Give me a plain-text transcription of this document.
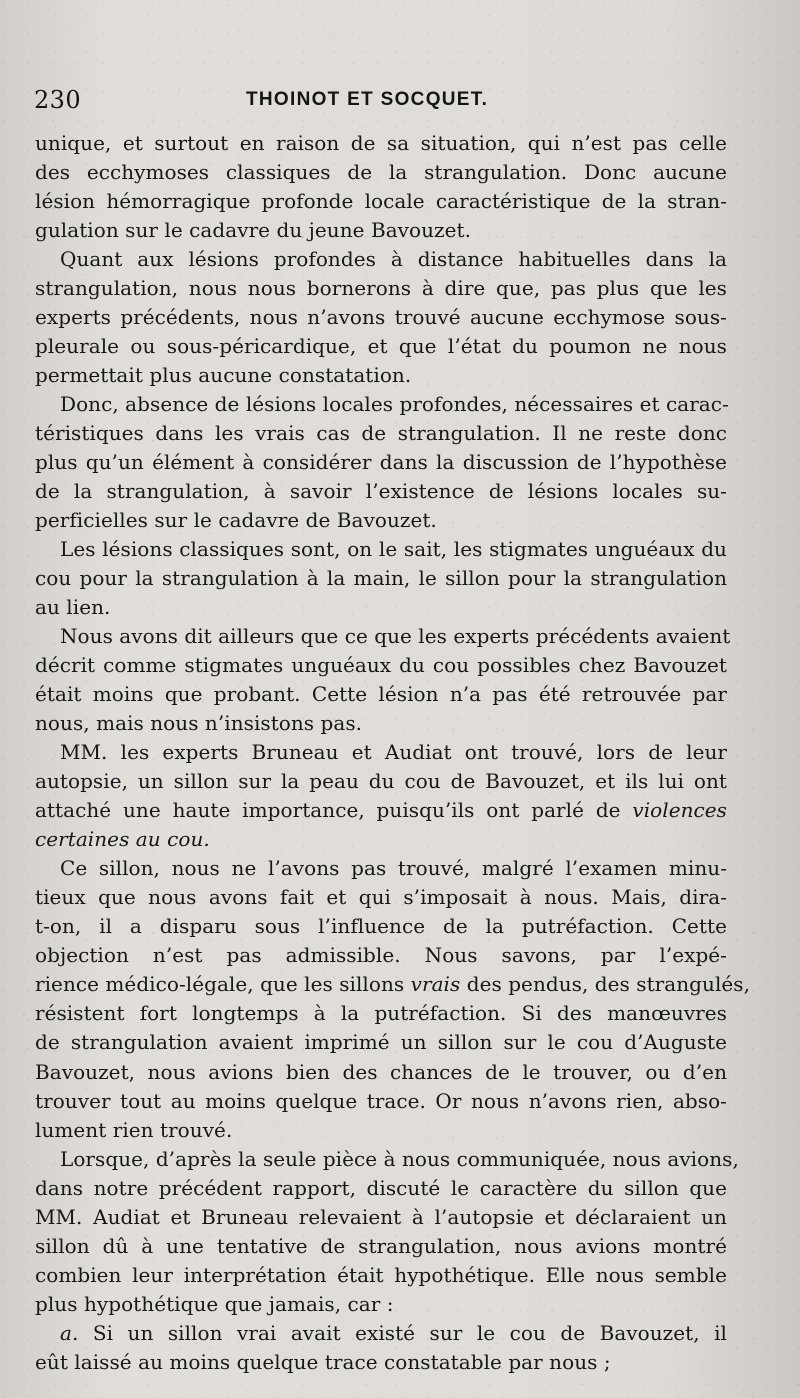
230	THOINOT ET SOCQUET.
unique, et surtout en raison de sa situation, qui n’est pas celle
des ecchymoses classiques de la strangulation. Donc aucune
lésion hémorragique profonde locale caractéristique de la stran-
gulation sur le cadavre du jeune Bavouzet.
Quant aux lésions profondes à distance habituelles dans la
strangulation, nous nous bornerons à dire que, pas plus que les
experts précédents, nous n’avons trouvé aucune ecchymose sous-
pleurale ou sous-péricardique, et que l’état du poumon ne nous
permettait plus aucune constatation.
Donc, absence de lésions locales profondes, nécessaires et carac-
téristiques dans les vrais cas de strangulation. Il ne reste donc
plus qu’un élément à considérer dans la discussion de l’hypothèse
de la strangulation, à savoir l’existence de lésions locales su-
perficielles sur le cadavre de Bavouzet.
Les lésions classiques sont, on le sait, les stigmates unguéaux du
cou pour la strangulation à la main, le sillon pour la strangulation
au lien.
Nous avons dit ailleurs que ce que les experts précédents avaient
décrit comme stigmates unguéaux du cou possibles chez Bavouzet
était moins que probant. Cette lésion n’a pas été retrouvée par
nous, mais nous n’insistons pas.
MM. les experts Bruneau et Audiat ont trouvé, lors de leur
autopsie, un sillon sur la peau du cou de Bavouzet, et ils lui ont
attaché une haute importance, puisqu’ils ont parlé de violences
certaines au cou.
Ce sillon, nous ne l’avons pas trouvé, malgré l’examen minu-
tieux que nous avons fait et qui s’imposait à nous. Mais, dira-
t-on, il a disparu sous l’influence de la putréfaction. Cette
objection n’est pas admissible. Nous savons, par l’expé-
rience médico-légale, que les sillons vrais des pendus, des strangulés,
résistent fort longtemps à la putréfaction. Si des manœuvres
de strangulation avaient imprimé un sillon sur le cou d’Auguste
Bavouzet, nous avions bien des chances de le trouver, ou d’en
trouver tout au moins quelque trace. Or nous n’avons rien, abso-
lument rien trouvé.
Lorsque, d’après la seule pièce à nous communiquée, nous avions,
dans notre précédent rapport, discuté le caractère du sillon que
MM. Audiat et Bruneau relevaient à l’autopsie et déclaraient un
sillon dû à une tentative de strangulation, nous avions montré
combien leur interprétation était hypothétique. Elle nous semble
plus hypothétique que jamais, car :
a. Si un sillon vrai avait existé sur le cou de Bavouzet, il
eût laissé au moins quelque trace constatable par nous ;
